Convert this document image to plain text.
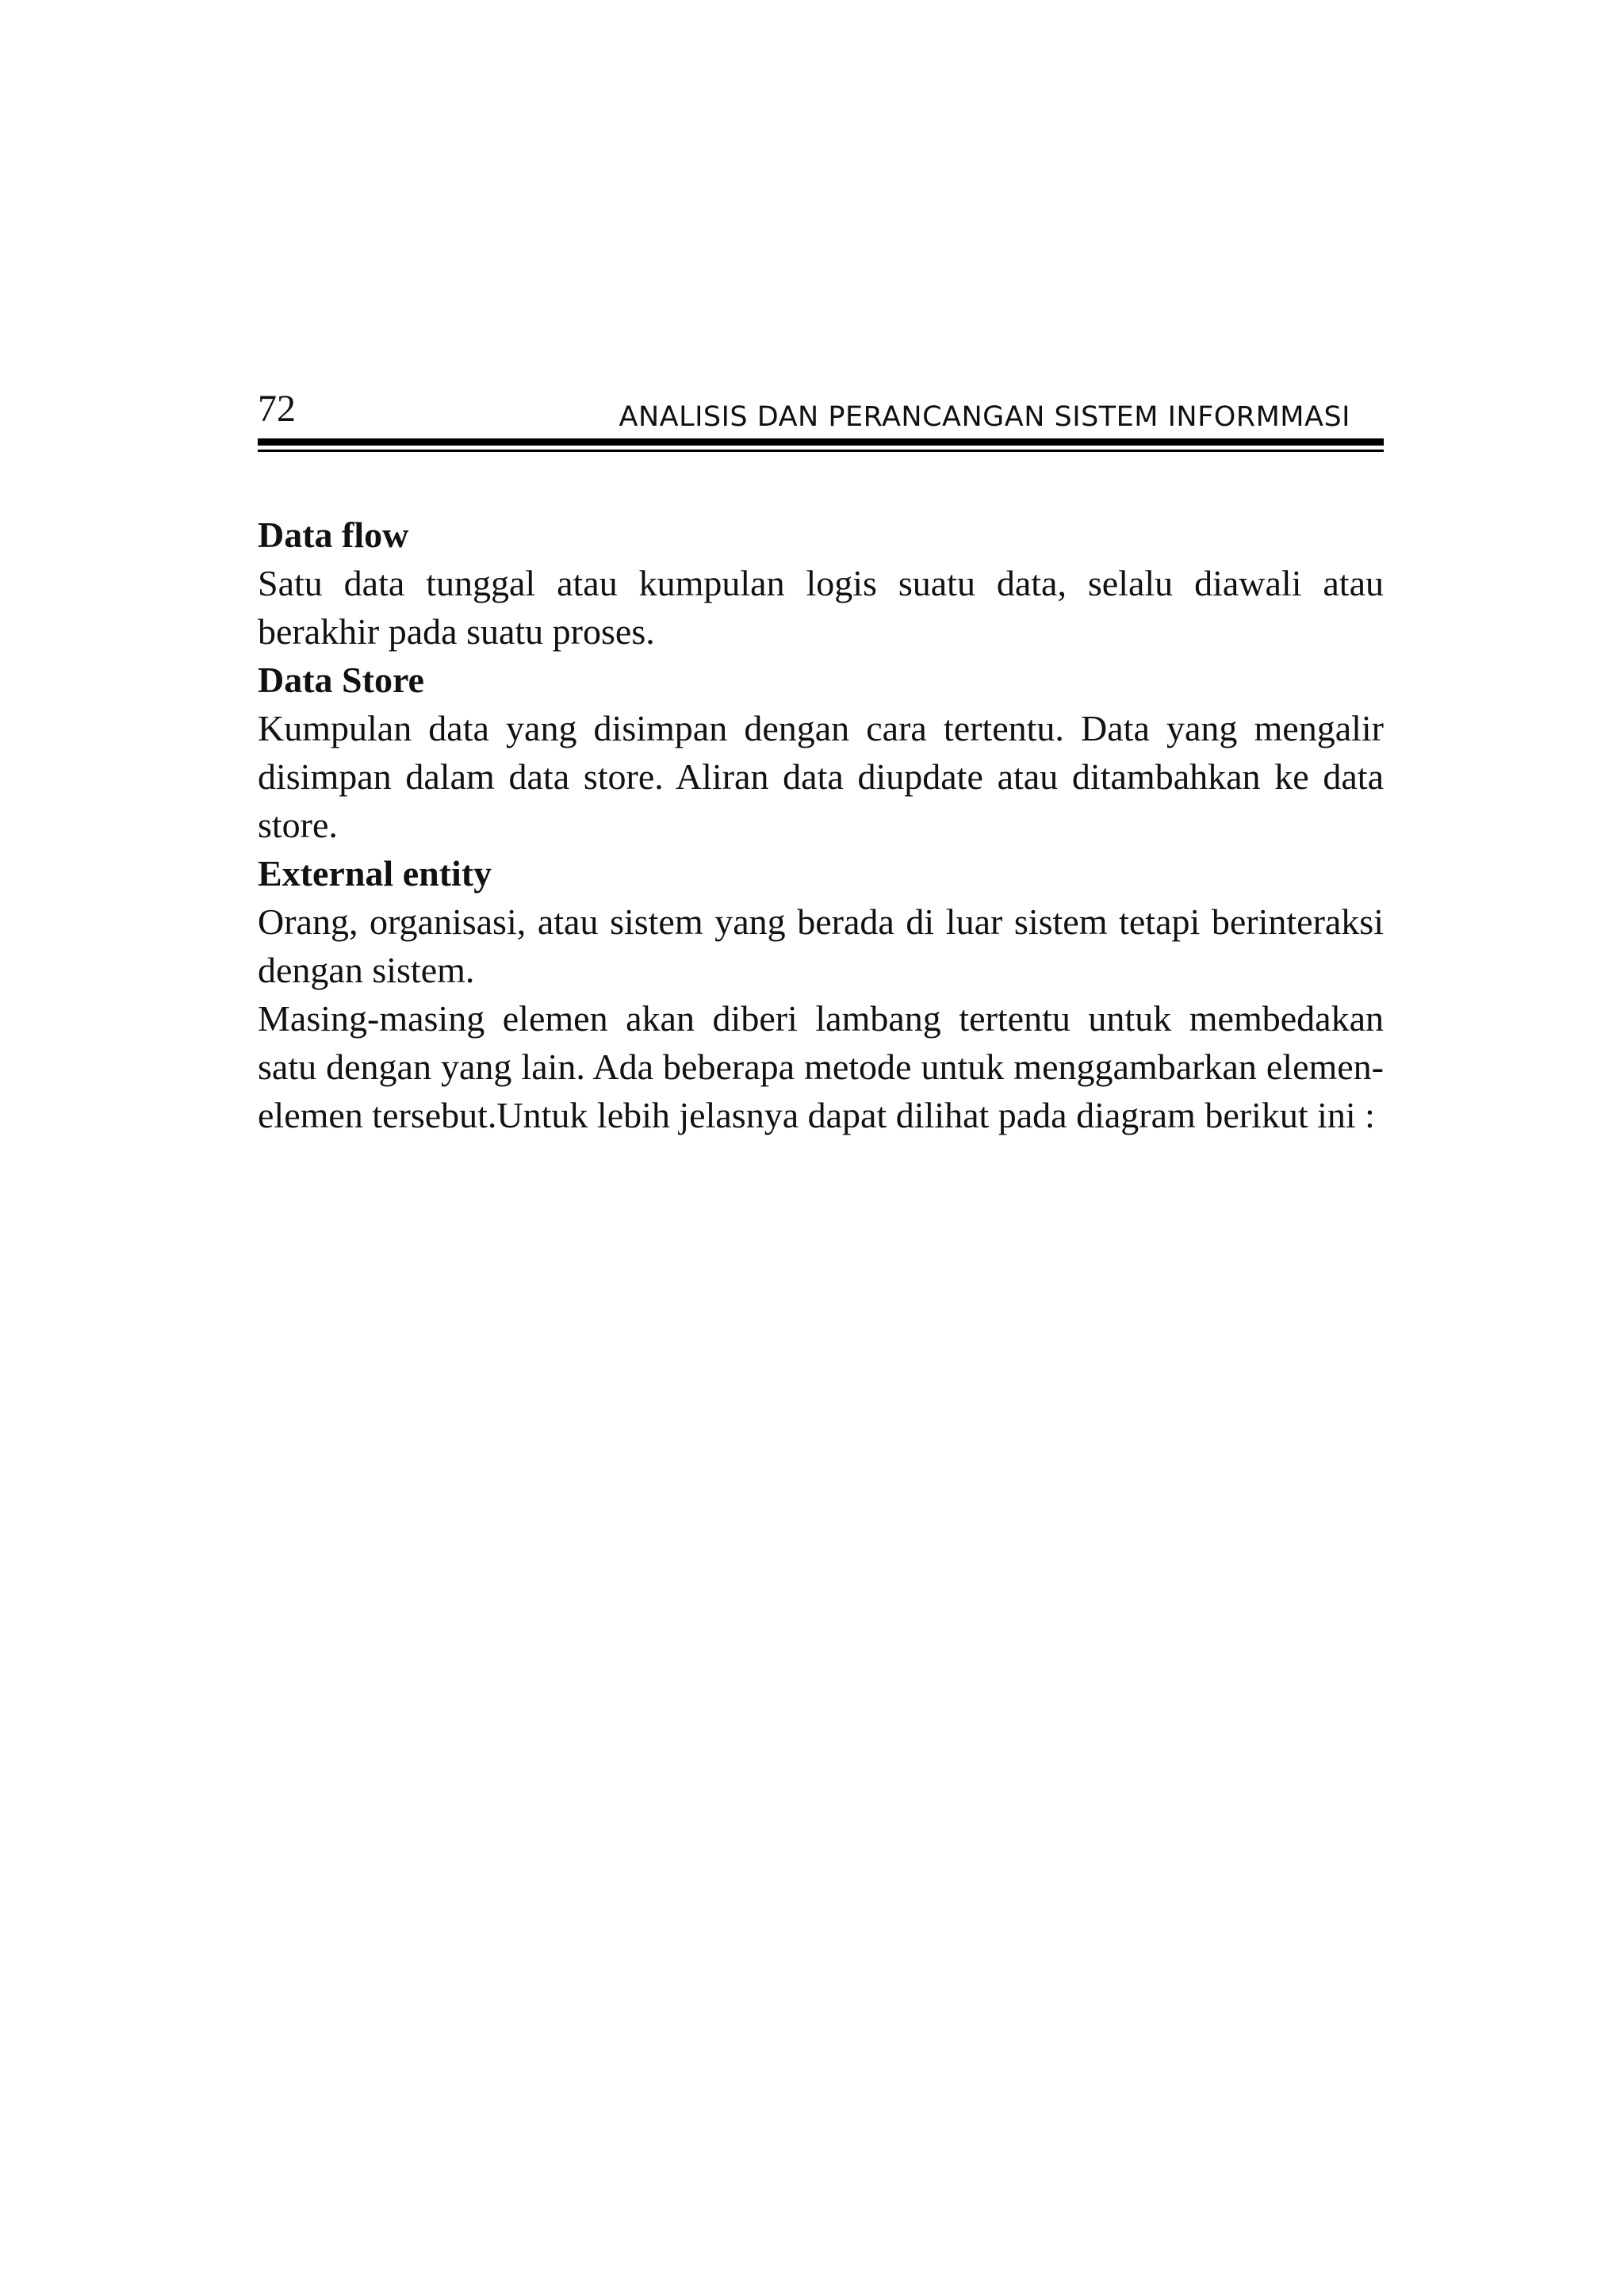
72	ANALISIS DAN PERANCANGAN SISTEM INFORMMASI

Data flow

Satu data tunggal atau kumpulan logis suatu data, selalu diawali atau berakhir pada suatu proses.

Data Store

Kumpulan data yang disimpan dengan cara tertentu. Data yang mengalir disimpan dalam data store. Aliran data diupdate atau ditambahkan ke data store.

External entity

Orang, organisasi, atau sistem yang berada di luar sistem tetapi berinteraksi dengan sistem.

Masing-masing elemen akan diberi lambang tertentu untuk membedakan satu dengan yang lain. Ada beberapa metode untuk menggambarkan elemen-elemen tersebut.Untuk lebih jelasnya dapat dilihat pada diagram berikut ini :
